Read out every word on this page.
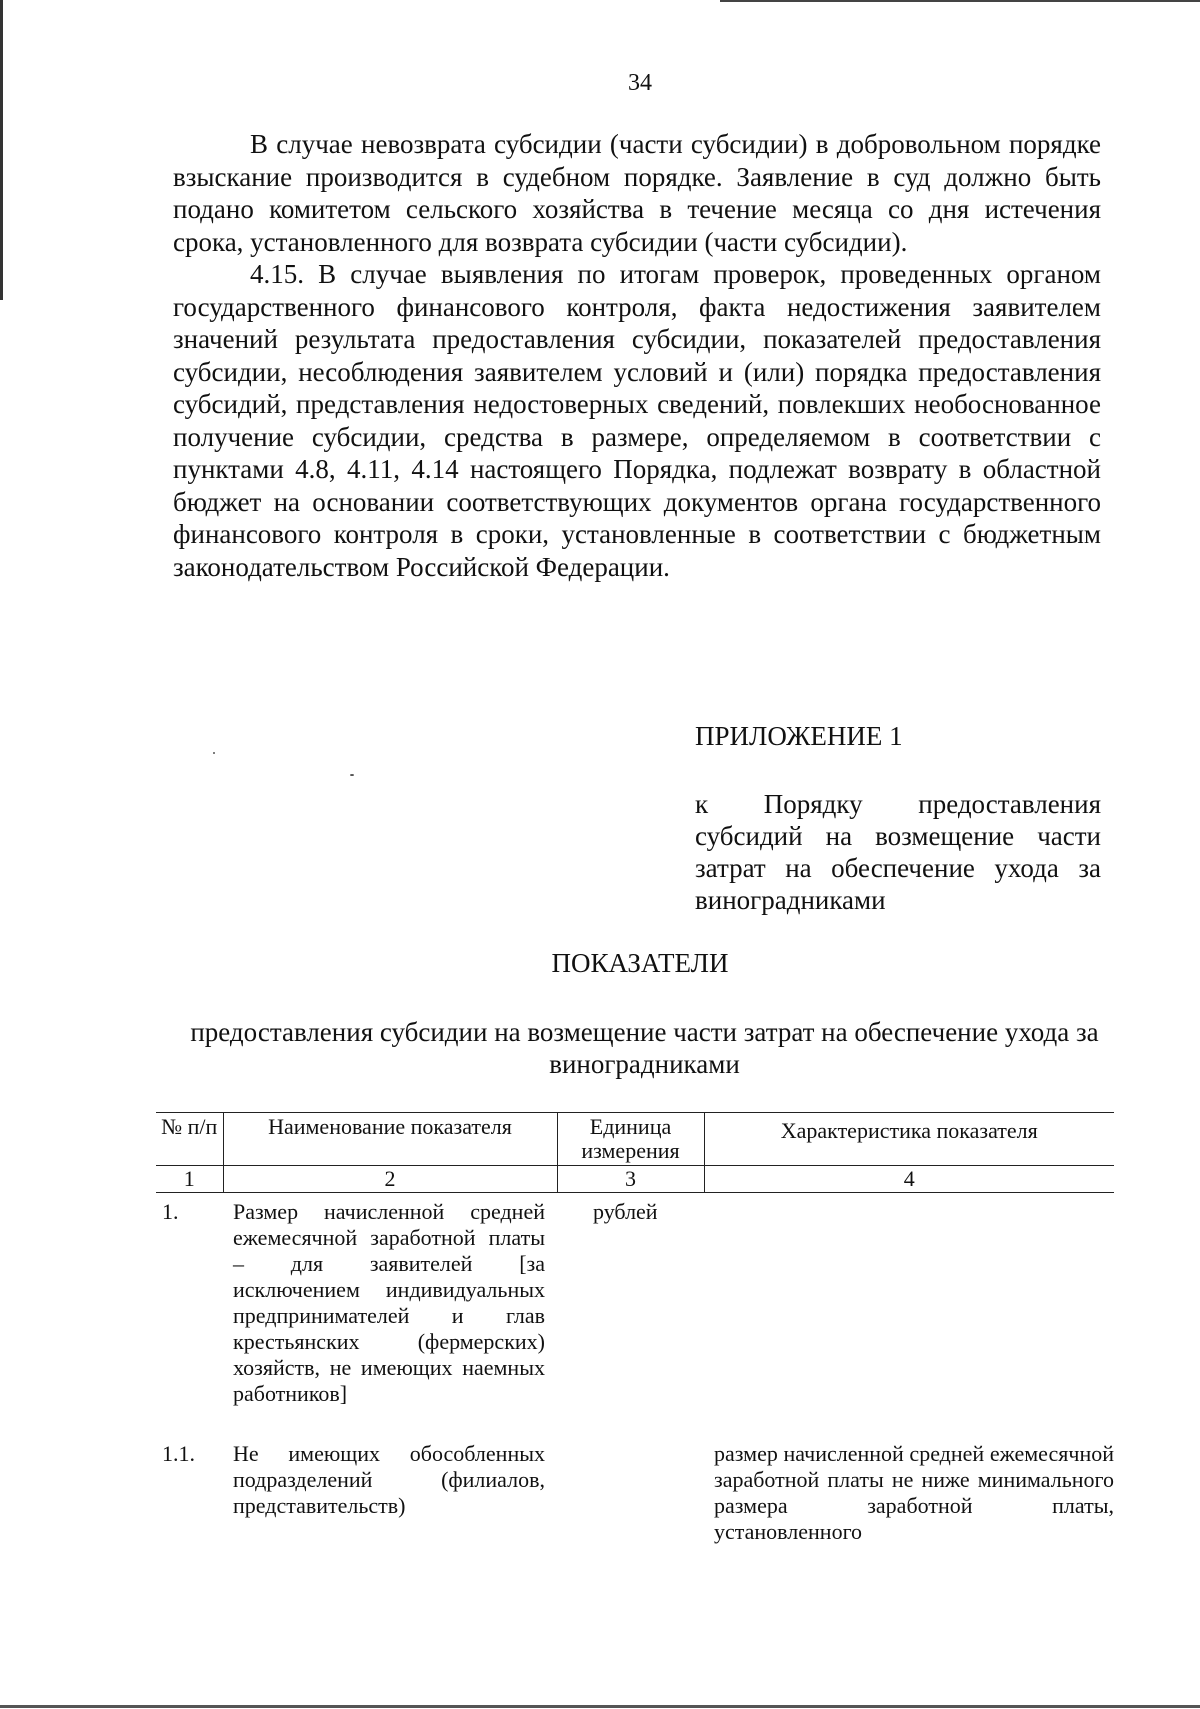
34

В случае невозврата субсидии (части субсидии) в добровольном порядке взыскание производится в судебном порядке. Заявление в суд должно быть подано комитетом сельского хозяйства в течение месяца со дня истечения срока, установленного для возврата субсидии (части субсидии).

4.15. В случае выявления по итогам проверок, проведенных органом государственного финансового контроля, факта недостижения заявителем значений результата предоставления субсидии, показателей предоставления субсидии, несоблюдения заявителем условий и (или) порядка предоставления субсидий, представления недостоверных сведений, повлекших необоснованное получение субсидии, средства в размере, определяемом в соответствии с пунктами 4.8, 4.11, 4.14 настоящего Порядка, подлежат возврату в областной бюджет на основании соответствующих документов органа государственного финансового контроля в сроки, установленные в соответствии с бюджетным законодательством Российской Федерации.

ПРИЛОЖЕНИЕ 1
к Порядку предоставления субсидий на возмещение части затрат на обеспечение ухода за виноградниками
ПОКАЗАТЕЛИ
предоставления субсидии на возмещение части затрат на обеспечение ухода за виноградниками
№ п/п	Наименование показателя	Единица измерения	Характеристика показателя
1	2	3	4
1.	Размер начисленной средней ежемесячной заработной платы – для заявителей [за исключением индивидуальных предпринимателей и глав крестьянских (фермерских) хозяйств, не имеющих наемных работников]	рублей	

1.1.	Не имеющих обособленных подразделений (филиалов, представительств)		размер начисленной средней ежемесячной заработной платы не ниже минимального размера заработной платы, установленного
